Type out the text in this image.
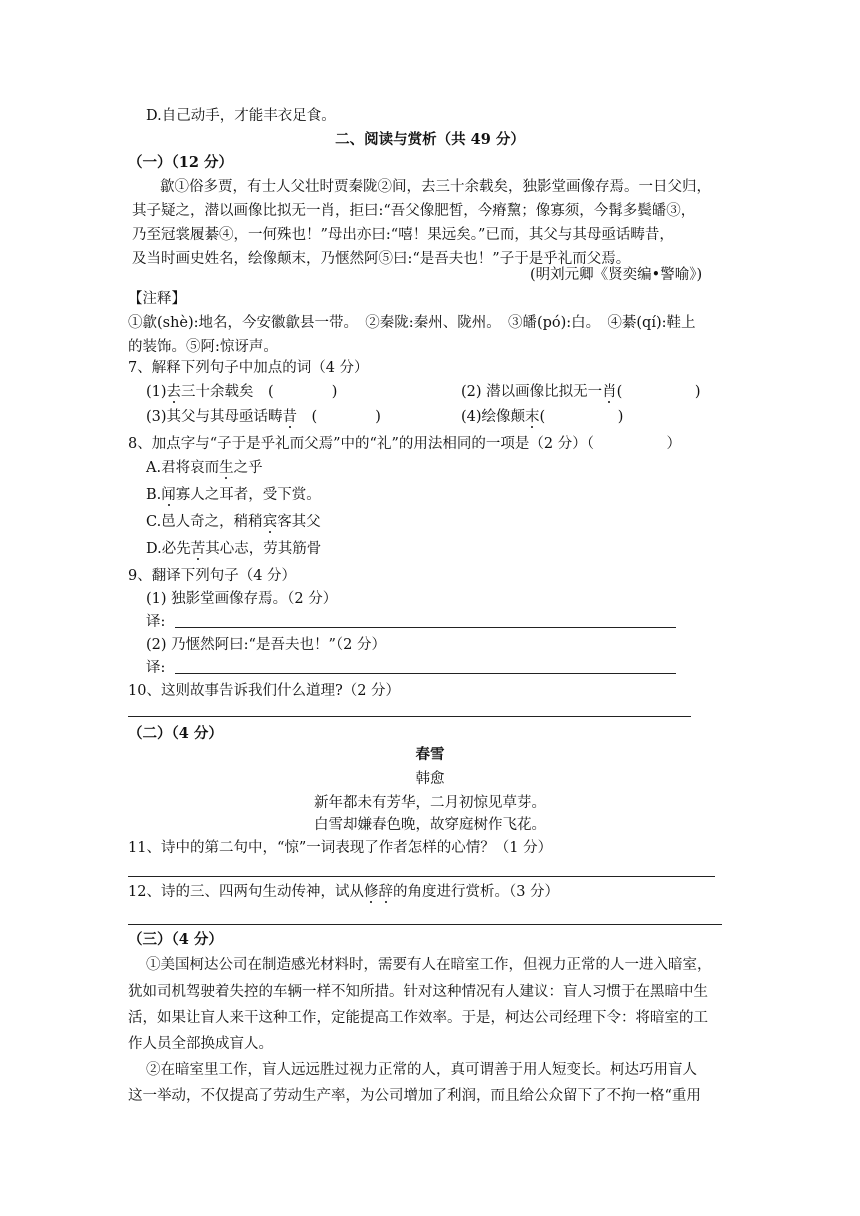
D.自己动手，才能丰衣足食。
二、阅读与赏析（共 49 分）
（一）（12 分）
歙①俗多贾，有士人父壮时贾秦陇②间，去三十余载矣，独影堂画像存焉。一日父归，
其子疑之，潜以画像比拟无一肖，拒曰:“吾父像肥皙，今瘠黧；像寡须，今髯多鬓皤③，
乃至冠裳履綦④，一何殊也！”母出亦曰:“嘻！果远矣。”已而，其父与其母亟话畴昔，
及当时画史姓名，绘像颠末，乃惬然阿⑤曰:“是吾夫也！”子于是乎礼而父焉。
(明刘元卿《贤奕编•警喻》)
【注释】
①歙(shè):地名，今安徽歙县一带。　②秦陇:秦州、陇州。　③皤(pó):白。　④綦(qí):鞋上
的装饰。⑤阿:惊讶声。
7、解释下列句子中加点的词（4 分）
(1)去三十余载矣　(　　　　)	(2) 潜以画像比拟无一肖(　　　　　)
(3)其父与其母亟话畴昔　(　　　　)	(4)绘像颠末(　　　　　)
8、加点字与“子于是乎礼而父焉”中的“礼”的用法相同的一项是（2 分）（　　　　　）
A.君将哀而生之乎
B.闻寡人之耳者，受下赏。
C.邑人奇之，稍稍宾客其父
D.必先苦其心志，劳其筋骨
9、翻译下列句子（4 分）
(1) 独影堂画像存焉。（2 分）
译:
(2) 乃惬然阿曰:“是吾夫也！”（2 分）
译:
10、这则故事告诉我们什么道理?（2 分）
（二）（4 分）
春雪
韩愈
新年都未有芳华，二月初惊见草芽。
白雪却嫌春色晚，故穿庭树作飞花。
11、诗中的第二句中，“惊”一词表现了作者怎样的心情？（1 分）
12、诗的三、四两句生动传神，试从修辞的角度进行赏析。（3 分）
（三）（4 分）
①美国柯达公司在制造感光材料时，需要有人在暗室工作，但视力正常的人一进入暗室，
犹如司机驾驶着失控的车辆一样不知所措。针对这种情况有人建议：盲人习惯于在黑暗中生
活，如果让盲人来干这种工作，定能提高工作效率。于是，柯达公司经理下令：将暗室的工
作人员全部换成盲人。
②在暗室里工作，盲人远远胜过视力正常的人，真可谓善于用人短变长。柯达巧用盲人
这一举动，不仅提高了劳动生产率，为公司增加了利润，而且给公众留下了不拘一格“重用
